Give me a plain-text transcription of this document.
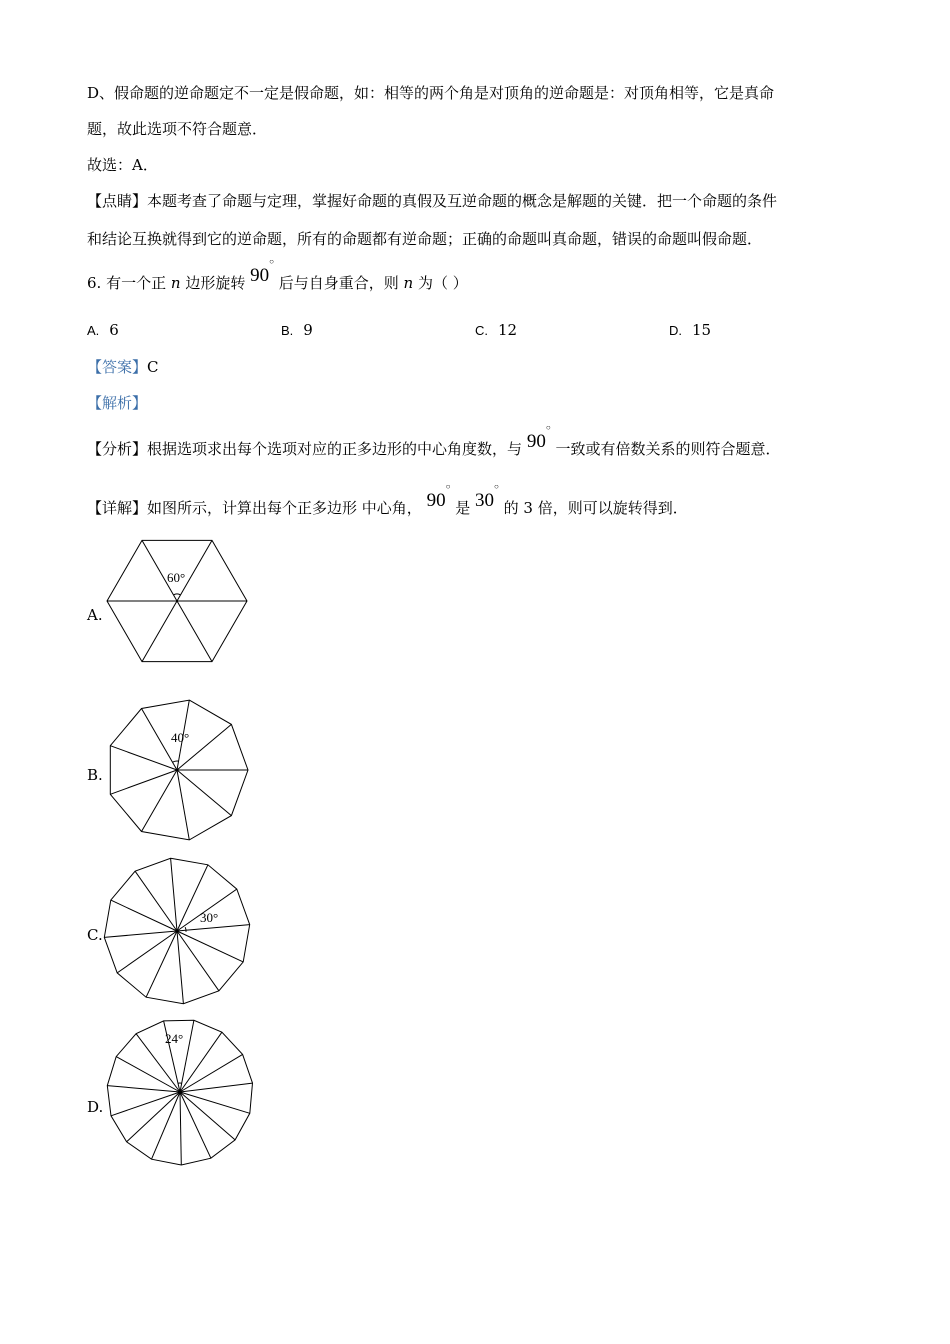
D、假命题的逆命题定不一定是假命题，如：相等的两个角是对顶角的逆命题是：对顶角相等，它是真命
题，故此选项不符合题意．
故选：A．
【点睛】本题考查了命题与定理，掌握好命题的真假及互逆命题的概念是解题的关键．把一个命题的条件
和结论互换就得到它的逆命题，所有的命题都有逆命题；正确的命题叫真命题，错误的命题叫假命题．
6. 有一个正 n 边形旋转 90○ 后与自身重合，则 n 为（ ）
A. 6	B. 9	C. 12	D. 15
【答案】C
【解析】
【分析】根据选项求出每个选项对应的正多边形的中心角度数，与 90○ 一致或有倍数关系的则符合题意．
【详解】如图所示，计算出每个正多边形 中心角， 90○ 是 30○ 的 3 倍，则可以旋转得到．
A.
B.
C.
D.
60°
40°
30°
24°
